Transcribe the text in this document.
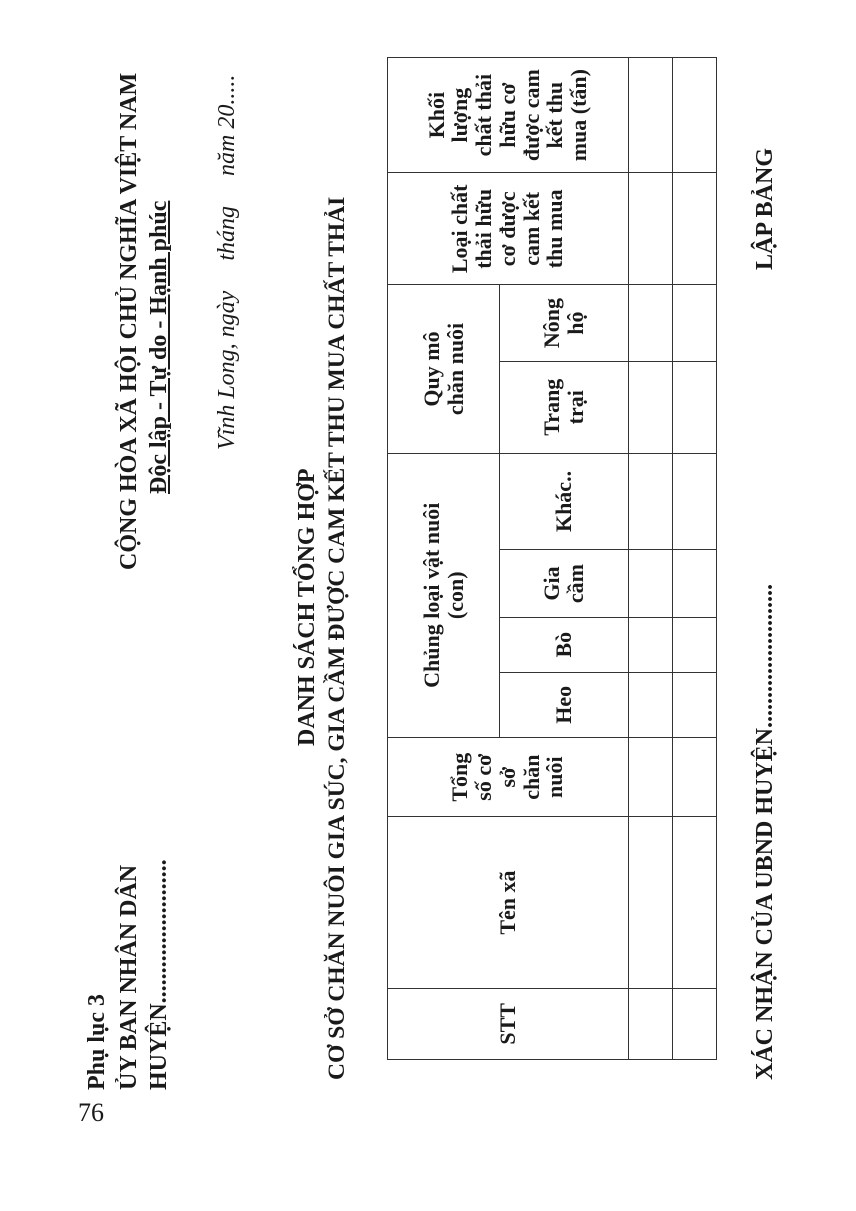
76
Phụ lục 3 ỦY BAN NHÂN DÂN HUYỆN........................
CỘNG HÒA XÃ HỘI CHỦ NGHĨA VIỆT NAM Độc lập - Tự do - Hạnh phúc Vĩnh Long, ngày     tháng     năm 20.....
DANH SÁCH TỔNG HỢP CƠ SỞ CHĂN NUÔI GIA SÚC, GIA CẦM ĐƯỢC CAM KẾT THU MUA CHẤT THẢI	STT	Tên xã	Tổng số cơ sở chăn nuôi	Chủng loại vật nuôi (con)				Quy mô chăn nuôi		Loại chất thải hữu cơ được cam kết thu mua	Khối lượng chất thải hữu cơ được cam kết thu mua (tấn)
			Heo	Bò	Gia cầm	Khác..	Trang trại	Nông hộ		

XÁC NHẬN CỦA UBND HUYỆN........................
LẬP BẢNG
